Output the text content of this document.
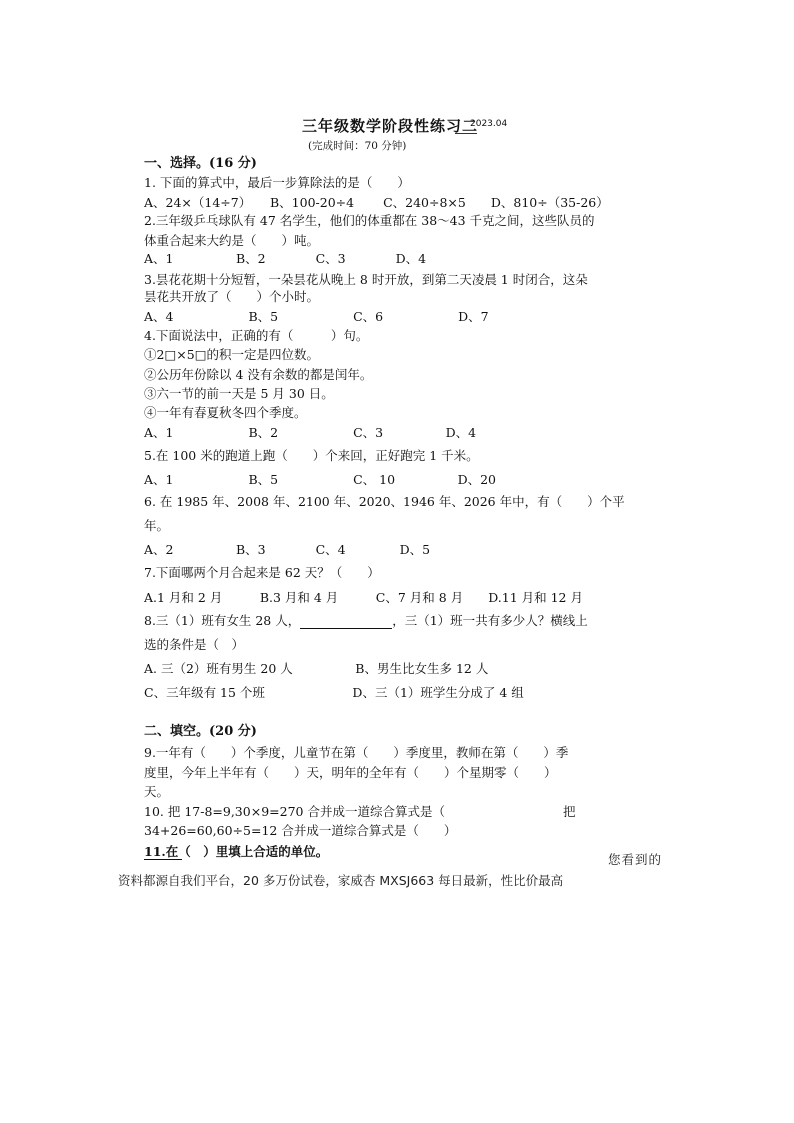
三年级数学阶段性练习二
2023.04
(完成时间：70 分钟)
一、选择。(16 分)
1. 下面的算式中，最后一步算除法的是（　　）
A、24×（14÷7）　　B、100-20÷4　　 C、240÷8×5　　D、810÷（35-26）
2.三年级乒乓球队有 47 名学生，他们的体重都在 38～43 千克之间，这些队员的
体重合起来大约是（　　）吨。
A、1　　　　　B、2　　　　C、3　　　　D、4
3.昙花花期十分短暂，一朵昙花从晚上 8 时开放，到第二天凌晨 1 时闭合，这朵
昙花共开放了（　　）个小时。
A、4　　　　　　B、5　　　　　　C、6　　　　　　D、7
4.下面说法中，正确的有（　　　）句。
①2□×5□的积一定是四位数。
②公历年份除以 4 没有余数的都是闰年。
③六一节的前一天是 5 月 30 日。
④一年有春夏秋冬四个季度。
A、1　　　　　　B、2　　　　　　C、3　　　　　D、4
5.在 100 米的跑道上跑（　　）个来回，正好跑完 1 千米。
A、1　　　　　　B、5　　　　　　C、 10　　　　　D、20
6. 在 1985 年、2008 年、2100 年、2020、1946 年、2026 年中，有（　　）个平
年。
A、2　　　　　B、3　　　　C、4　　　　 D、5
7.下面哪两个月合起来是 62 天？（　　）
A.1 月和 2 月　　　B.3 月和 4 月　　　C、7 月和 8 月　　D.11 月和 12 月
8.三（1）班有女生 28 人，	，三（1）班一共有多少人？横线上
选的条件是（　）
A. 三（2）班有男生 20 人　　　　　B、男生比女生多 12 人
C、三年级有 15 个班　　　　　　　D、三（1）班学生分成了 4 组
二、填空。(20 分)
9.一年有（　　）个季度，儿童节在第（　　）季度里，教师在第（　　）季
度里，今年上半年有（　　）天，明年的全年有（　　）个星期零（　　）
天。
10. 把 17-8=9,30×9=270 合并成一道综合算式是（	把
34+26=60,60÷5=12 合并成一道综合算式是（　　）
11.在（　）里填上合适的单位。
您看到的
资料都源自我们平台，20 多万份试卷，家威杏 MXSJ663 每日最新，性比价最高
